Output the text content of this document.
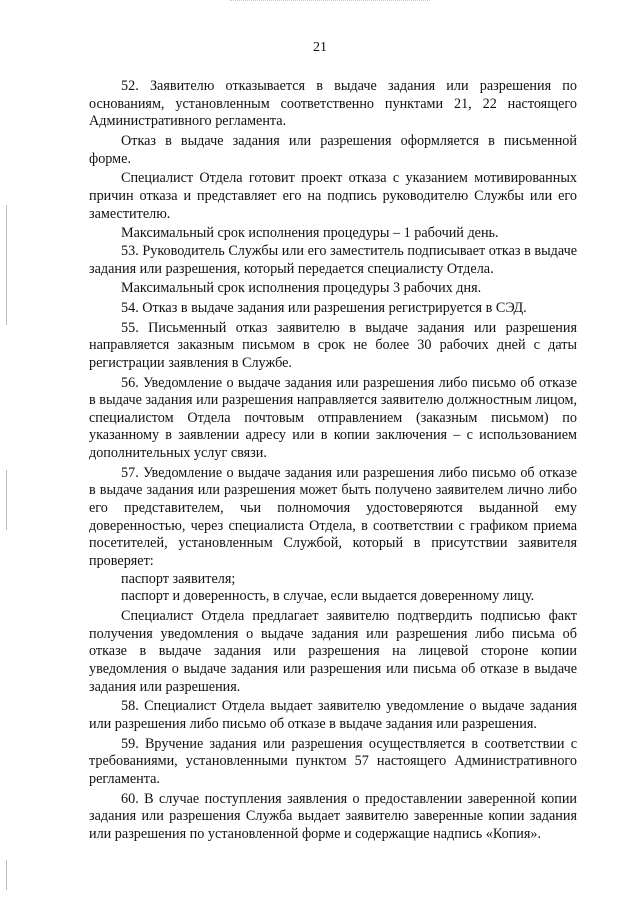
21

52. Заявителю отказывается в выдаче задания или разрешения по основаниям, установленным соответственно пунктами 21, 22 настоящего Административного регламента.

Отказ в выдаче задания или разрешения оформляется в письменной форме.

Специалист Отдела готовит проект отказа с указанием мотивированных причин отказа и представляет его на подпись руководителю Службы или его заместителю.

Максимальный срок исполнения процедуры – 1 рабочий день.

53. Руководитель Службы или его заместитель подписывает отказ в выдаче задания или разрешения, который передается специалисту Отдела.

Максимальный срок исполнения процедуры 3 рабочих дня.

54. Отказ в выдаче задания или разрешения регистрируется в СЭД.

55. Письменный отказ заявителю в выдаче задания или разрешения направляется заказным письмом в срок не более 30 рабочих дней с даты регистрации заявления в Службе.

56. Уведомление о выдаче задания или разрешения либо письмо об отказе в выдаче задания или разрешения направляется заявителю должностным лицом, специалистом Отдела почтовым отправлением (заказным письмом) по указанному в заявлении адресу или в копии заключения – с использованием дополнительных услуг связи.

57. Уведомление о выдаче задания или разрешения либо письмо об отказе в выдаче задания или разрешения может быть получено заявителем лично либо его представителем, чьи полномочия удостоверяются выданной ему доверенностью, через специалиста Отдела, в соответствии с графиком приема посетителей, установленным Службой, который в присутствии заявителя проверяет:

паспорт заявителя;

паспорт и доверенность, в случае, если выдается доверенному лицу.

Специалист Отдела предлагает заявителю подтвердить подписью факт получения уведомления о выдаче задания или разрешения либо письма об отказе в выдаче задания или разрешения на лицевой стороне копии уведомления о выдаче задания или разрешения или письма об отказе в выдаче задания или разрешения.

58. Специалист Отдела выдает заявителю уведомление о выдаче задания или разрешения либо письмо об отказе в выдаче задания или разрешения.

59. Вручение задания или разрешения осуществляется в соответствии с требованиями, установленными пунктом 57 настоящего Административного регламента.

60. В случае поступления заявления о предоставлении заверенной копии задания или разрешения Служба выдает заявителю заверенные копии задания или разрешения по установленной форме и содержащие надпись «Копия».
